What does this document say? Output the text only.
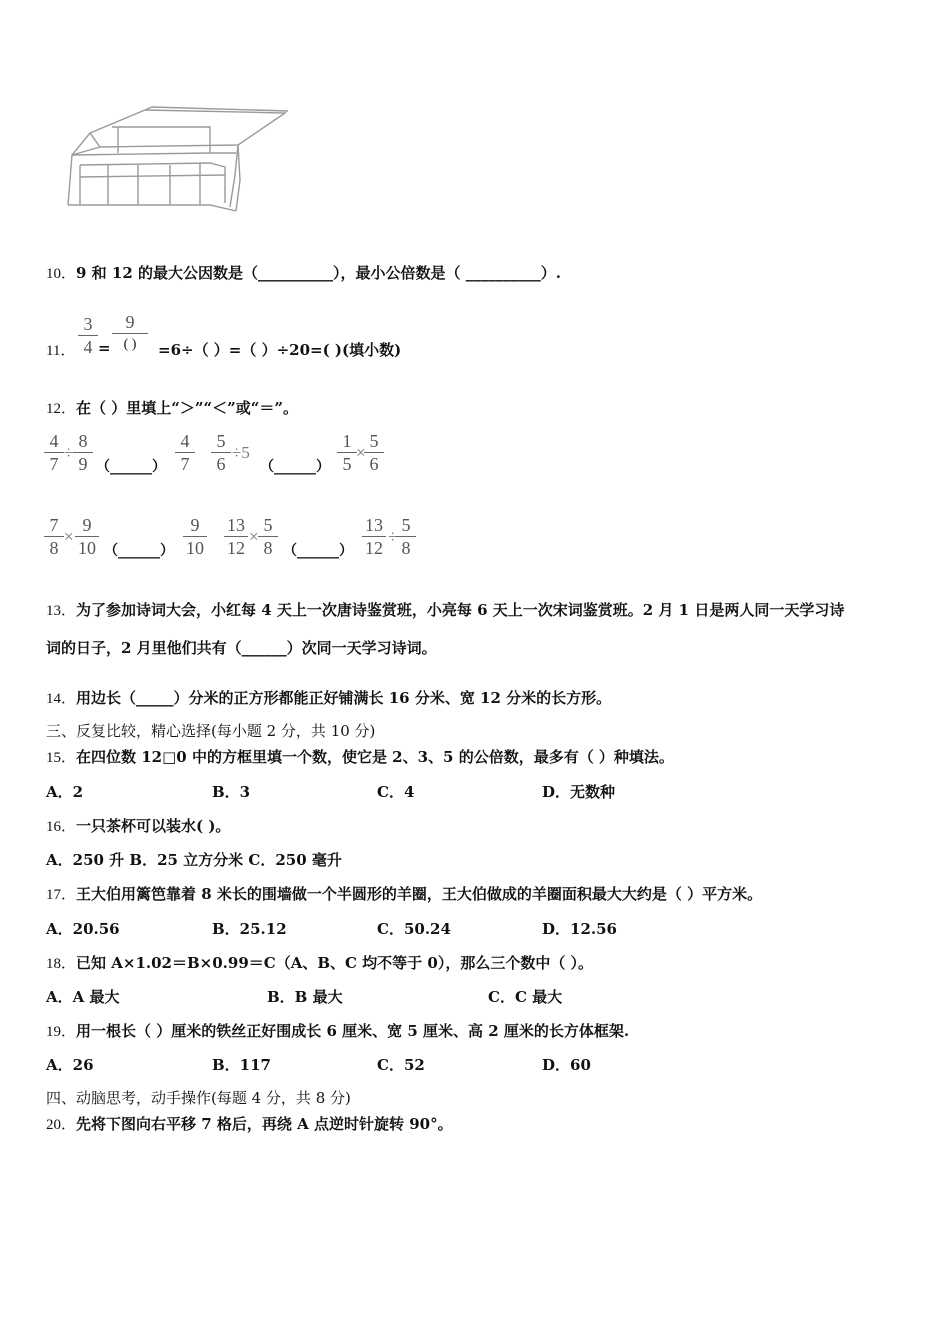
10．9 和 12 的最大公因数是（__________），最小公倍数是（ __________）.
11．
3
4 =
9
( )	=6÷（ ）=（ ）÷20=( )(填小数)
12．在（ ）里填上“＞”“＜”或“＝”。
4
7
÷
8
9 （______）
4
7
5
6
÷5
（______）
1
5
×
5
6
7
8
×
9
10 （______）
9
10
13
12
×
5
8 （______）
13
12
÷
5
8
13．为了参加诗词大会，小红每 4 天上一次唐诗鉴赏班，小亮每 6 天上一次宋词鉴赏班。2 月 1 日是两人同一天学习诗
词的日子，2 月里他们共有（______）次同一天学习诗词。
14．用边长（_____）分米的正方形都能正好铺满长 16 分米、宽 12 分米的长方形。
三、反复比较，精心选择(每小题 2 分，共 10 分)
15．在四位数 12□0 中的方框里填一个数，使它是 2、3、5 的公倍数，最多有（ ）种填法。
A．2	B．3	C．4	D．无数种
16．一只茶杯可以装水( )。
A．250 升 B．25 立方分米 C．250 毫升
17．王大伯用篱笆靠着 8 米长的围墙做一个半圆形的羊圈，王大伯做成的羊圈面积最大大约是（ ）平方米。
A．20.56	B．25.12	C．50.24	D．12.56
18．已知 A×1.02＝B×0.99＝C（A、B、C 均不等于 0），那么三个数中（ ）。
A．A 最大	B．B 最大	C．C 最大
19．用一根长（ ）厘米的铁丝正好围成长 6 厘米、宽 5 厘米、高 2 厘米的长方体框架.
A．26	B．117	C．52	D．60
四、动脑思考，动手操作(每题 4 分，共 8 分)
20．先将下图向右平移 7 格后，再绕 A 点逆时针旋转 90°。
